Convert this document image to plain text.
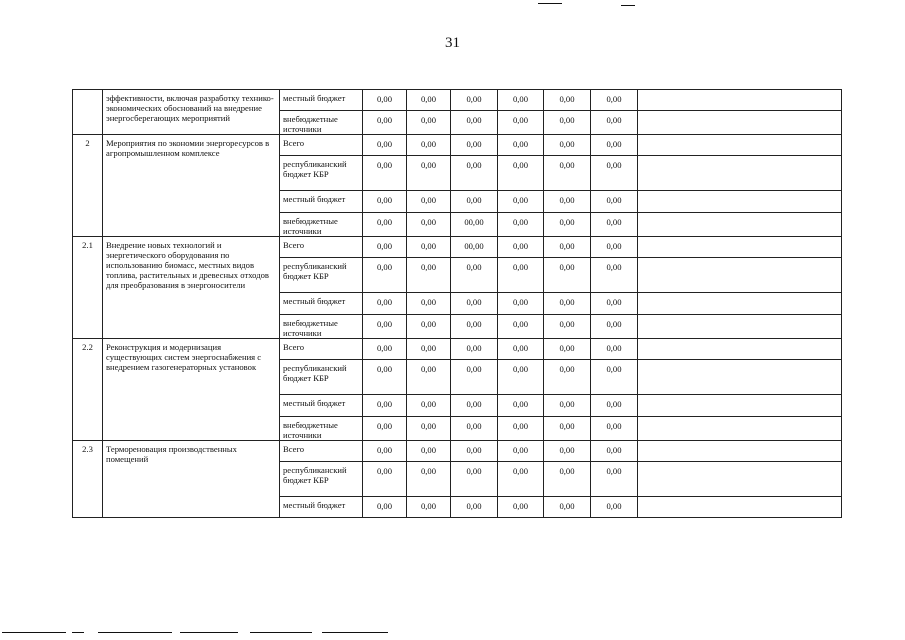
31
	эффективности, включая разработку технико-экономических обоснований на внедрение энергосберегающих мероприятий	местный бюджет	0,00	0,00	0,00	0,00	0,00	0,00	
		внебюджетные источники	0,00	0,00	0,00	0,00	0,00	0,00	
2	Мероприятия по экономии энергоресурсов в агропромышленном комплексе	Всего	0,00	0,00	0,00	0,00	0,00	0,00	
		республиканский бюджет КБР	0,00	0,00	0,00	0,00	0,00	0,00	
		местный бюджет	0,00	0,00	0,00	0,00	0,00	0,00	
		внебюджетные источники	0,00	0,00	00,00	0,00	0,00	0,00	
2.1	Внедрение новых технологий и энергетического оборудования по использованию биомасс, местных видов топлива, растительных и древесных отходов для преобразования в энергоносители	Всего	0,00	0,00	00,00	0,00	0,00	0,00	
		республиканский бюджет КБР	0,00	0,00	0,00	0,00	0,00	0,00	
		местный бюджет	0,00	0,00	0,00	0,00	0,00	0,00	
		внебюджетные источники	0,00	0,00	0,00	0,00	0,00	0,00	
2.2	Реконструкция и модернизация существующих систем энергоснабжения с внедрением газогенераторных установок	Всего	0,00	0,00	0,00	0,00	0,00	0,00	
		республиканский бюджет КБР	0,00	0,00	0,00	0,00	0,00	0,00	
		местный бюджет	0,00	0,00	0,00	0,00	0,00	0,00	
		внебюджетные источники	0,00	0,00	0,00	0,00	0,00	0,00	
2.3	Термореновация производственных помещений	Всего	0,00	0,00	0,00	0,00	0,00	0,00	
		республиканский бюджет КБР	0,00	0,00	0,00	0,00	0,00	0,00	
		местный бюджет	0,00	0,00	0,00	0,00	0,00	0,00	
